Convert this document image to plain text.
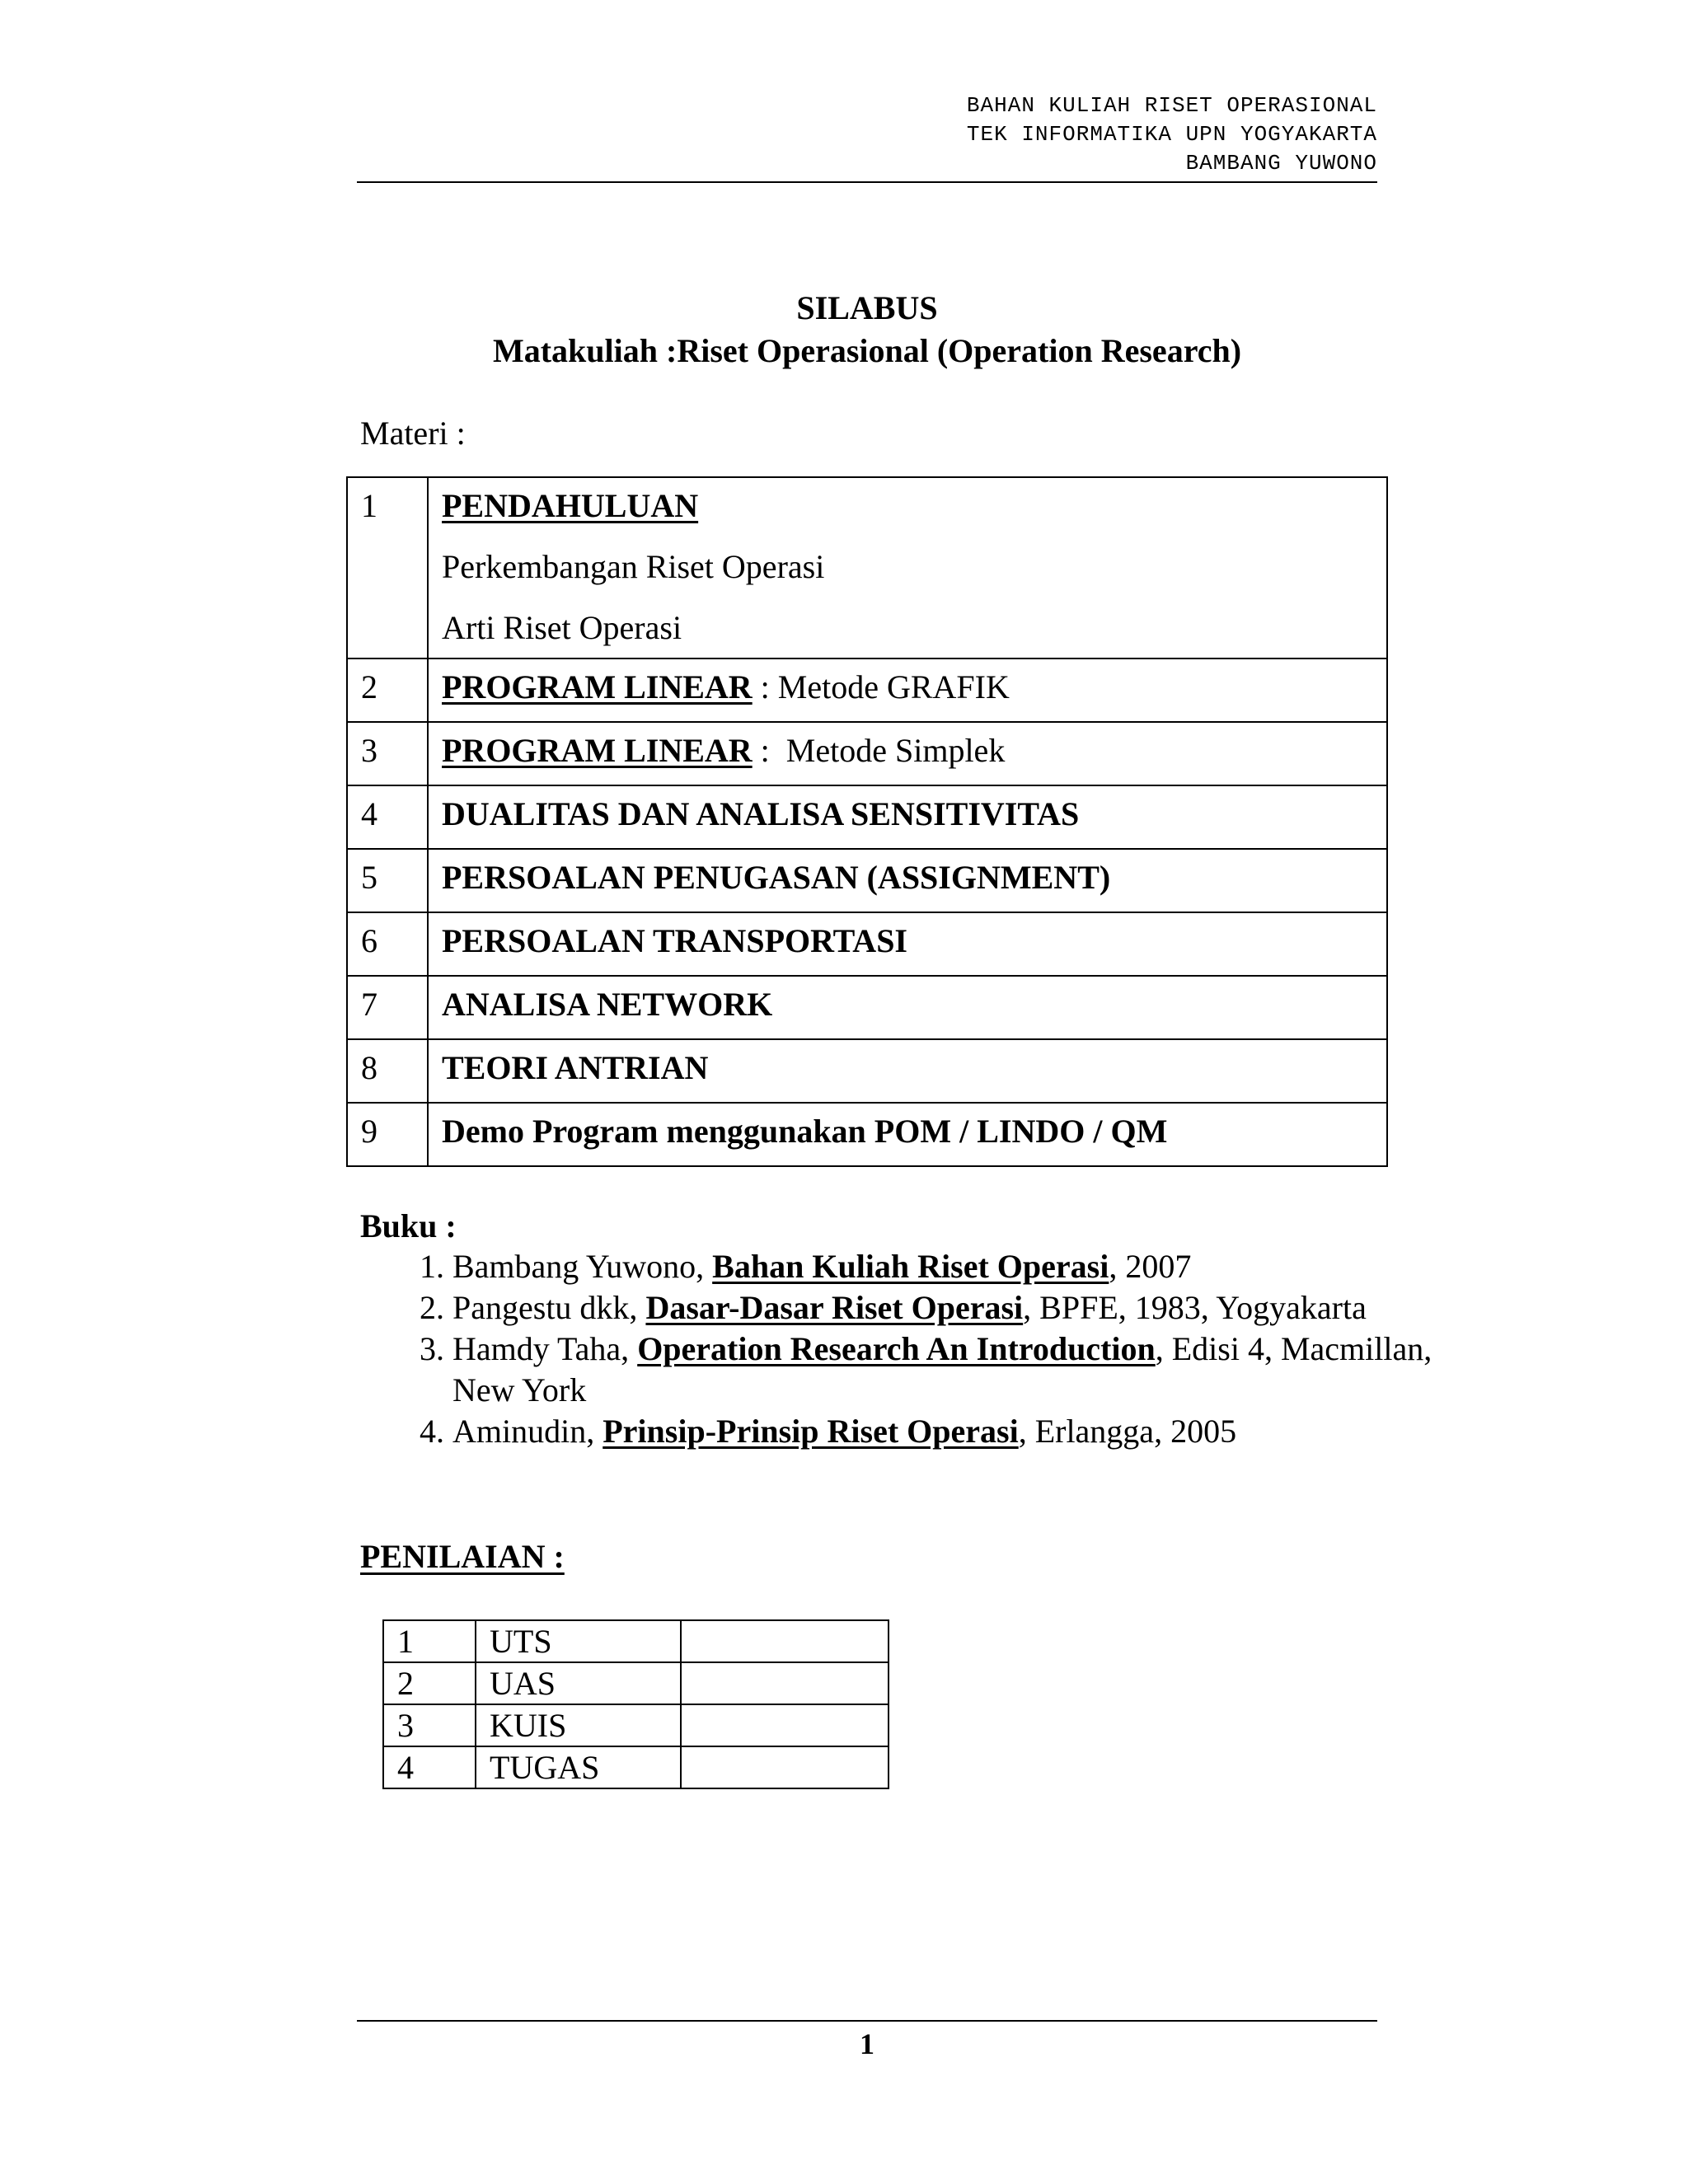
BAHAN KULIAH RISET OPERASIONAL
TEK INFORMATIKA UPN YOGYAKARTA
BAMBANG YUWONO
SILABUS
Matakuliah :Riset Operasional (Operation Research)
Materi :
1	PENDAHULUAN
Perkembangan Riset Operasi
Arti Riset Operasi

2	PROGRAM LINEAR : Metode GRAFIK
3	PROGRAM LINEAR :  Metode Simplek
4	DUALITAS DAN ANALISA SENSITIVITAS
5	PERSOALAN PENUGASAN (ASSIGNMENT)
6	PERSOALAN TRANSPORTASI
7	ANALISA NETWORK
8	TEORI ANTRIAN
9	Demo Program menggunakan POM / LINDO / QM
Buku :
1. Bambang Yuwono, Bahan Kuliah Riset Operasi, 2007
2. Pangestu dkk, Dasar-Dasar Riset Operasi, BPFE, 1983, Yogyakarta
3. Hamdy Taha, Operation Research An Introduction, Edisi 4, Macmillan, New York
4. Aminudin, Prinsip-Prinsip Riset Operasi, Erlangga, 2005
PENILAIAN :
1	UTS	
2	UAS	
3	KUIS	
4	TUGAS	
1
